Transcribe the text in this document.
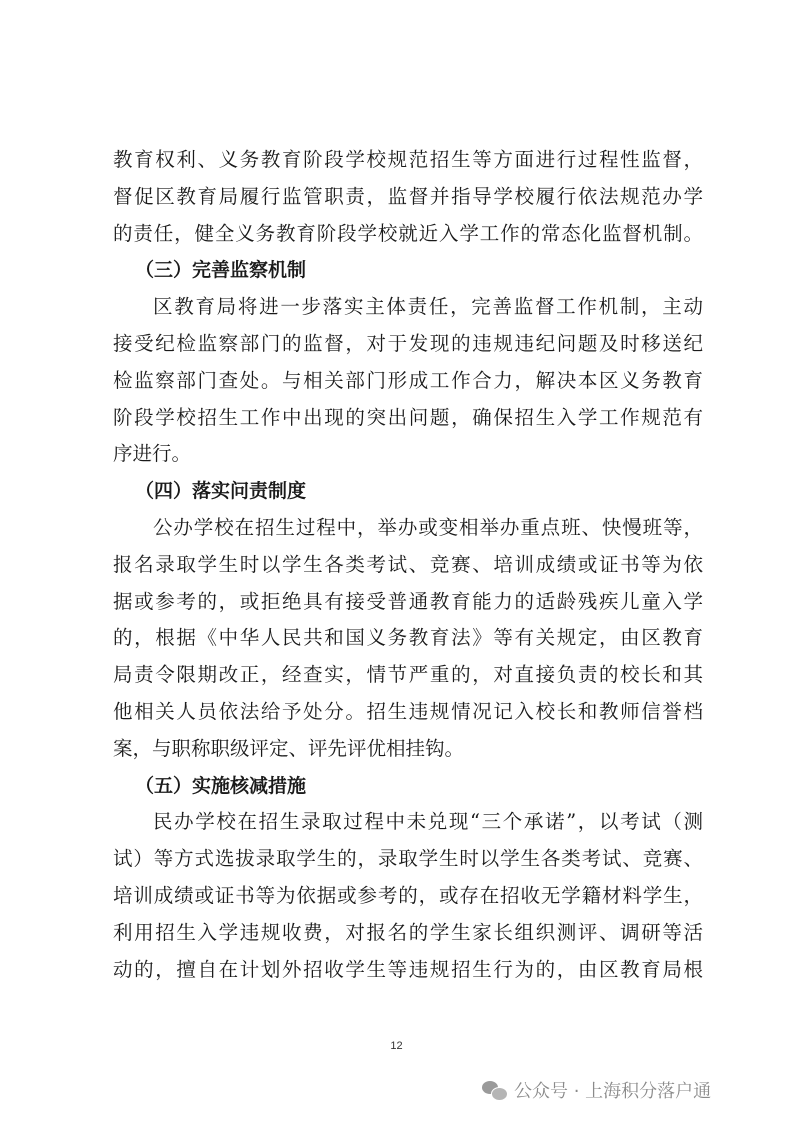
教育权利、义务教育阶段学校规范招生等方面进行过程性监督，
督促区教育局履行监管职责，监督并指导学校履行依法规范办学
的责任，健全义务教育阶段学校就近入学工作的常态化监督机制。
（三）完善监察机制
区教育局将进一步落实主体责任，完善监督工作机制，主动
接受纪检监察部门的监督，对于发现的违规违纪问题及时移送纪
检监察部门查处。与相关部门形成工作合力，解决本区义务教育
阶段学校招生工作中出现的突出问题，确保招生入学工作规范有
序进行。
（四）落实问责制度
公办学校在招生过程中，举办或变相举办重点班、快慢班等，
报名录取学生时以学生各类考试、竞赛、培训成绩或证书等为依
据或参考的，或拒绝具有接受普通教育能力的适龄残疾儿童入学
的，根据《中华人民共和国义务教育法》等有关规定，由区教育
局责令限期改正，经查实，情节严重的，对直接负责的校长和其
他相关人员依法给予处分。招生违规情况记入校长和教师信誉档
案，与职称职级评定、评先评优相挂钩。
（五）实施核减措施
民办学校在招生录取过程中未兑现“三个承诺”，以考试（测
试）等方式选拔录取学生的，录取学生时以学生各类考试、竞赛、
培训成绩或证书等为依据或参考的，或存在招收无学籍材料学生，
利用招生入学违规收费，对报名的学生家长组织测评、调研等活
动的，擅自在计划外招收学生等违规招生行为的，由区教育局根
12
公众号 · 上海积分落户通
